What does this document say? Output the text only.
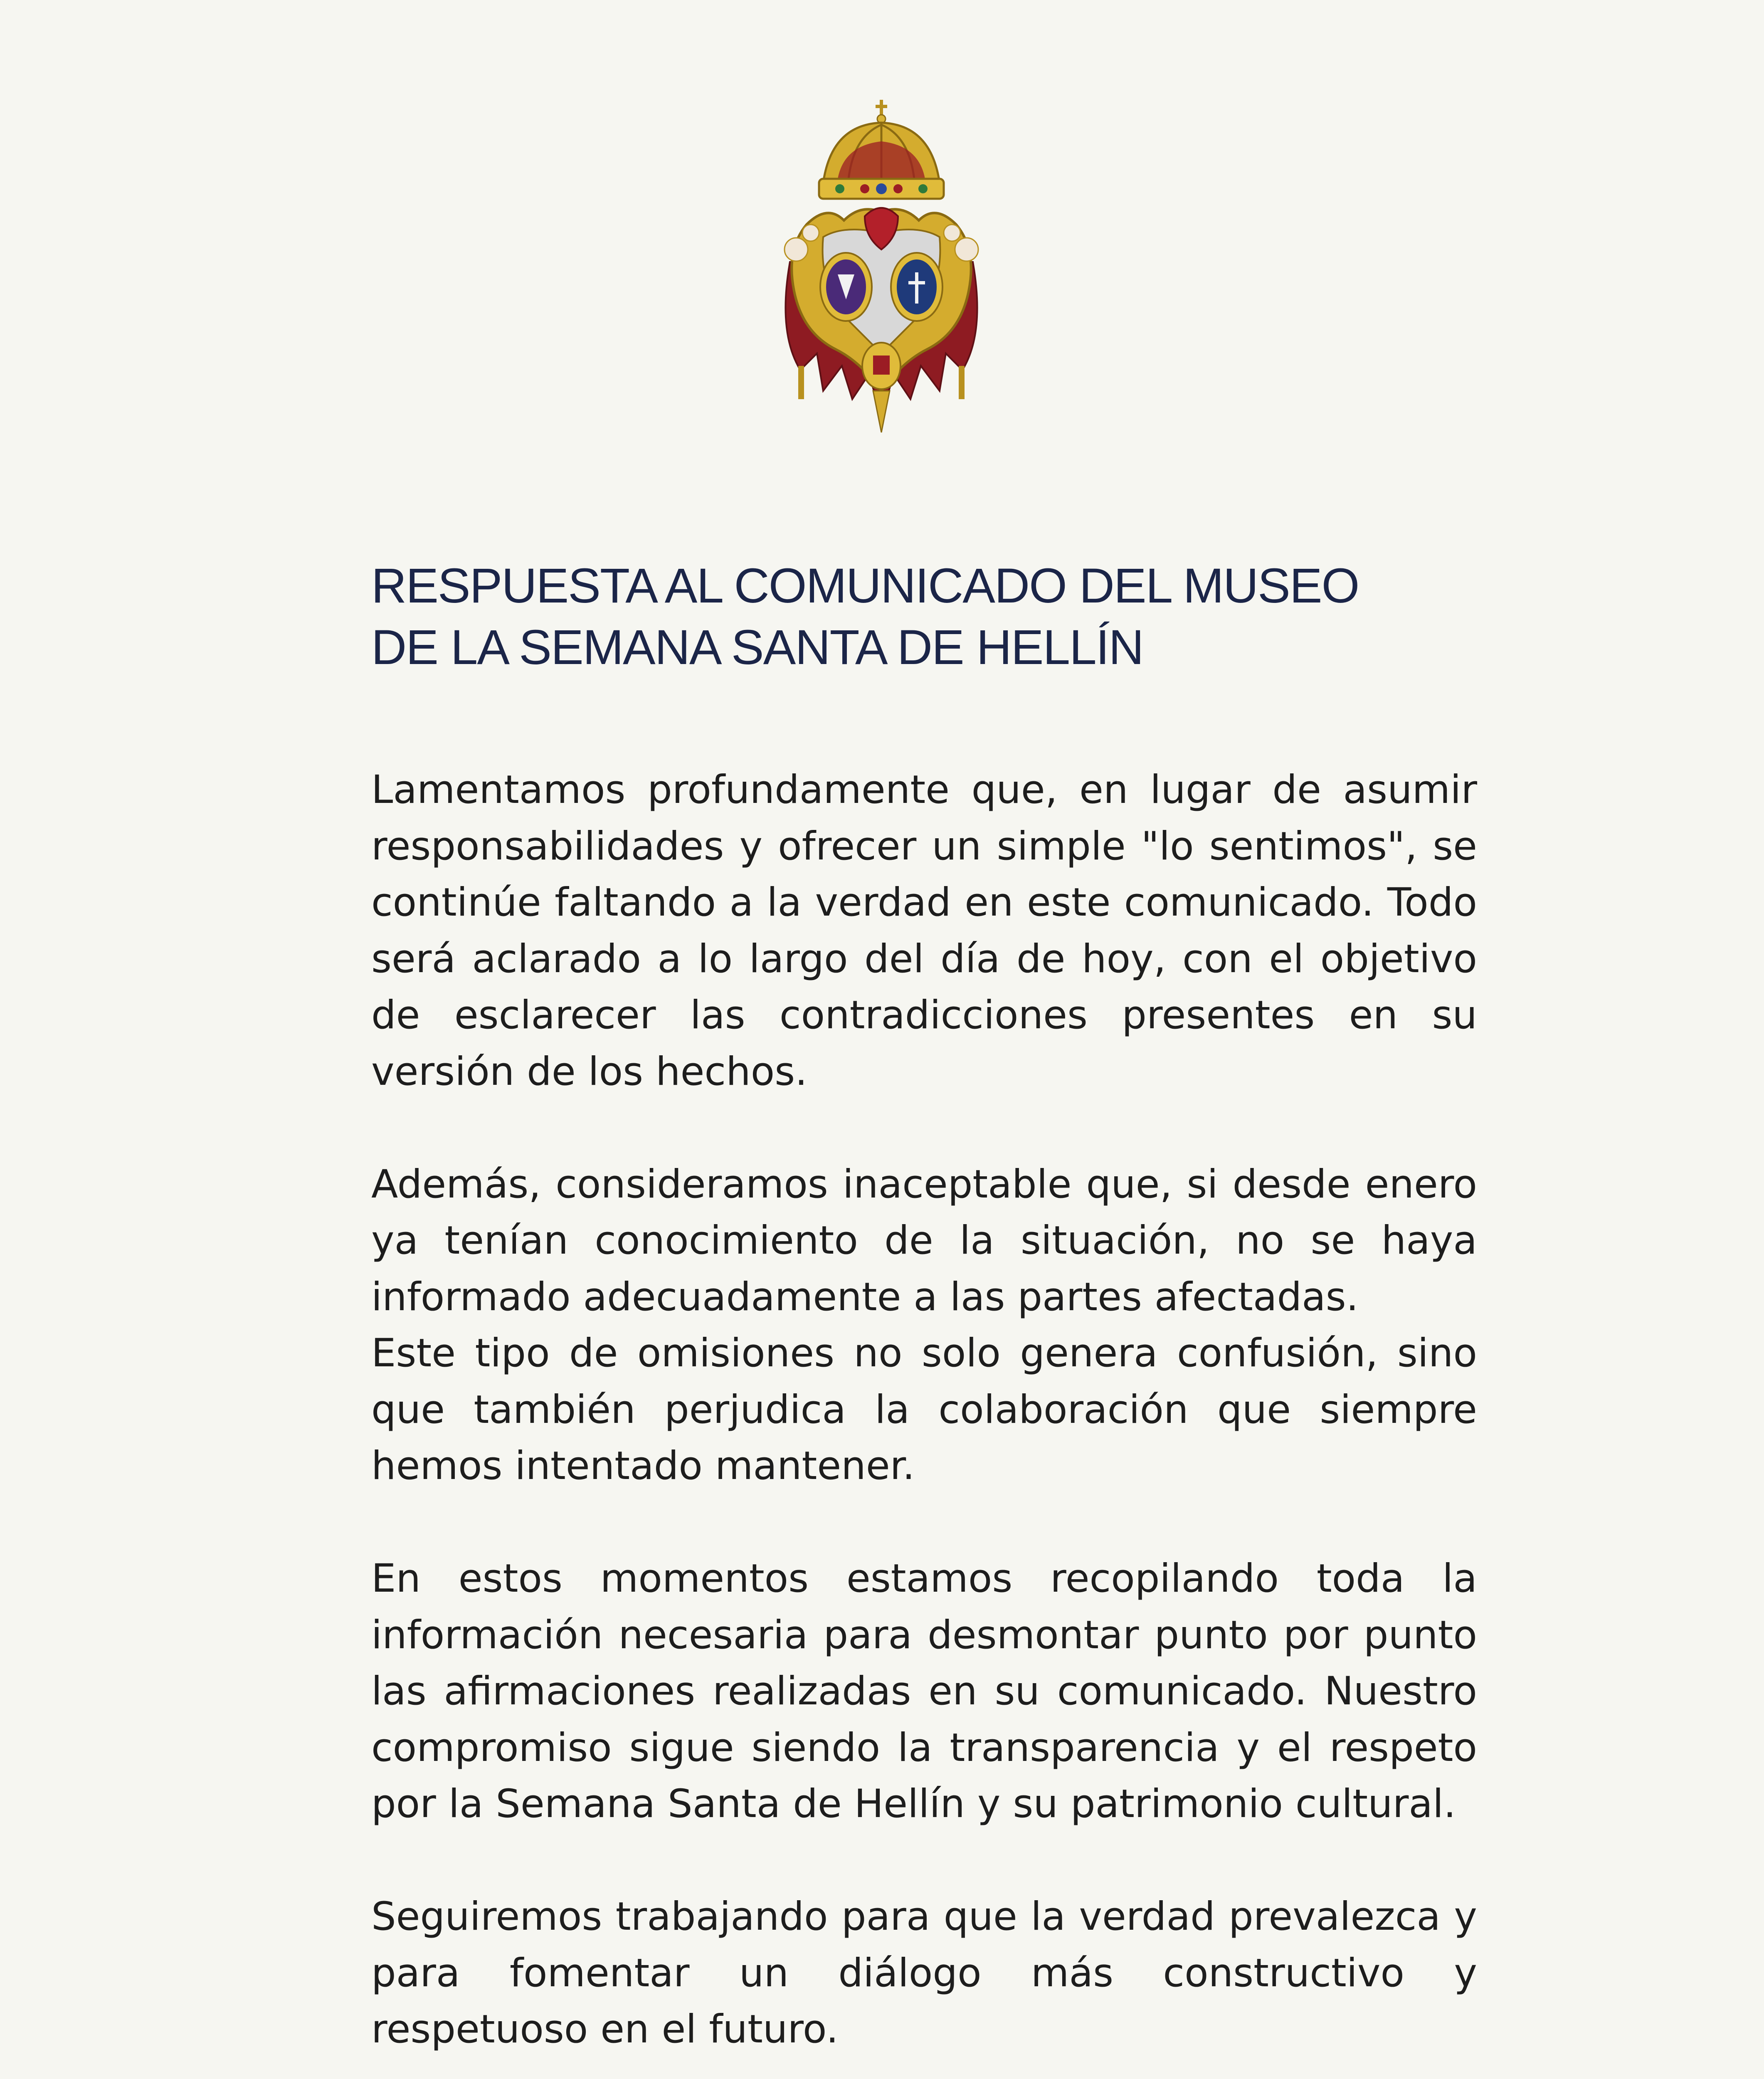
RESPUESTA AL COMUNICADO DEL MUSEO
DE LA SEMANA SANTA DE HELLÍN

Lamentamos profundamente que, en lugar de asumir responsabilidades y ofrecer un simple "lo sentimos", se continúe faltando a la verdad en este comunicado. Todo será aclarado a lo largo del día de hoy, con el objetivo de esclarecer las contradicciones presentes en su versión de los hechos.

Además, consideramos inaceptable que, si desde enero ya tenían conocimiento de la situación, no se haya informado adecuadamente a las partes afectadas.

Este tipo de omisiones no solo genera confusión, sino que también perjudica la colaboración que siempre hemos intentado mantener.

En estos momentos estamos recopilando toda la información necesaria para desmontar punto por punto las afirmaciones realizadas en su comunicado. Nuestro compromiso sigue siendo la transparencia y el respeto por la Semana Santa de Hellín y su patrimonio cultural.

Seguiremos trabajando para que la verdad prevalezca y para fomentar un diálogo más constructivo y respetuoso en el futuro.
